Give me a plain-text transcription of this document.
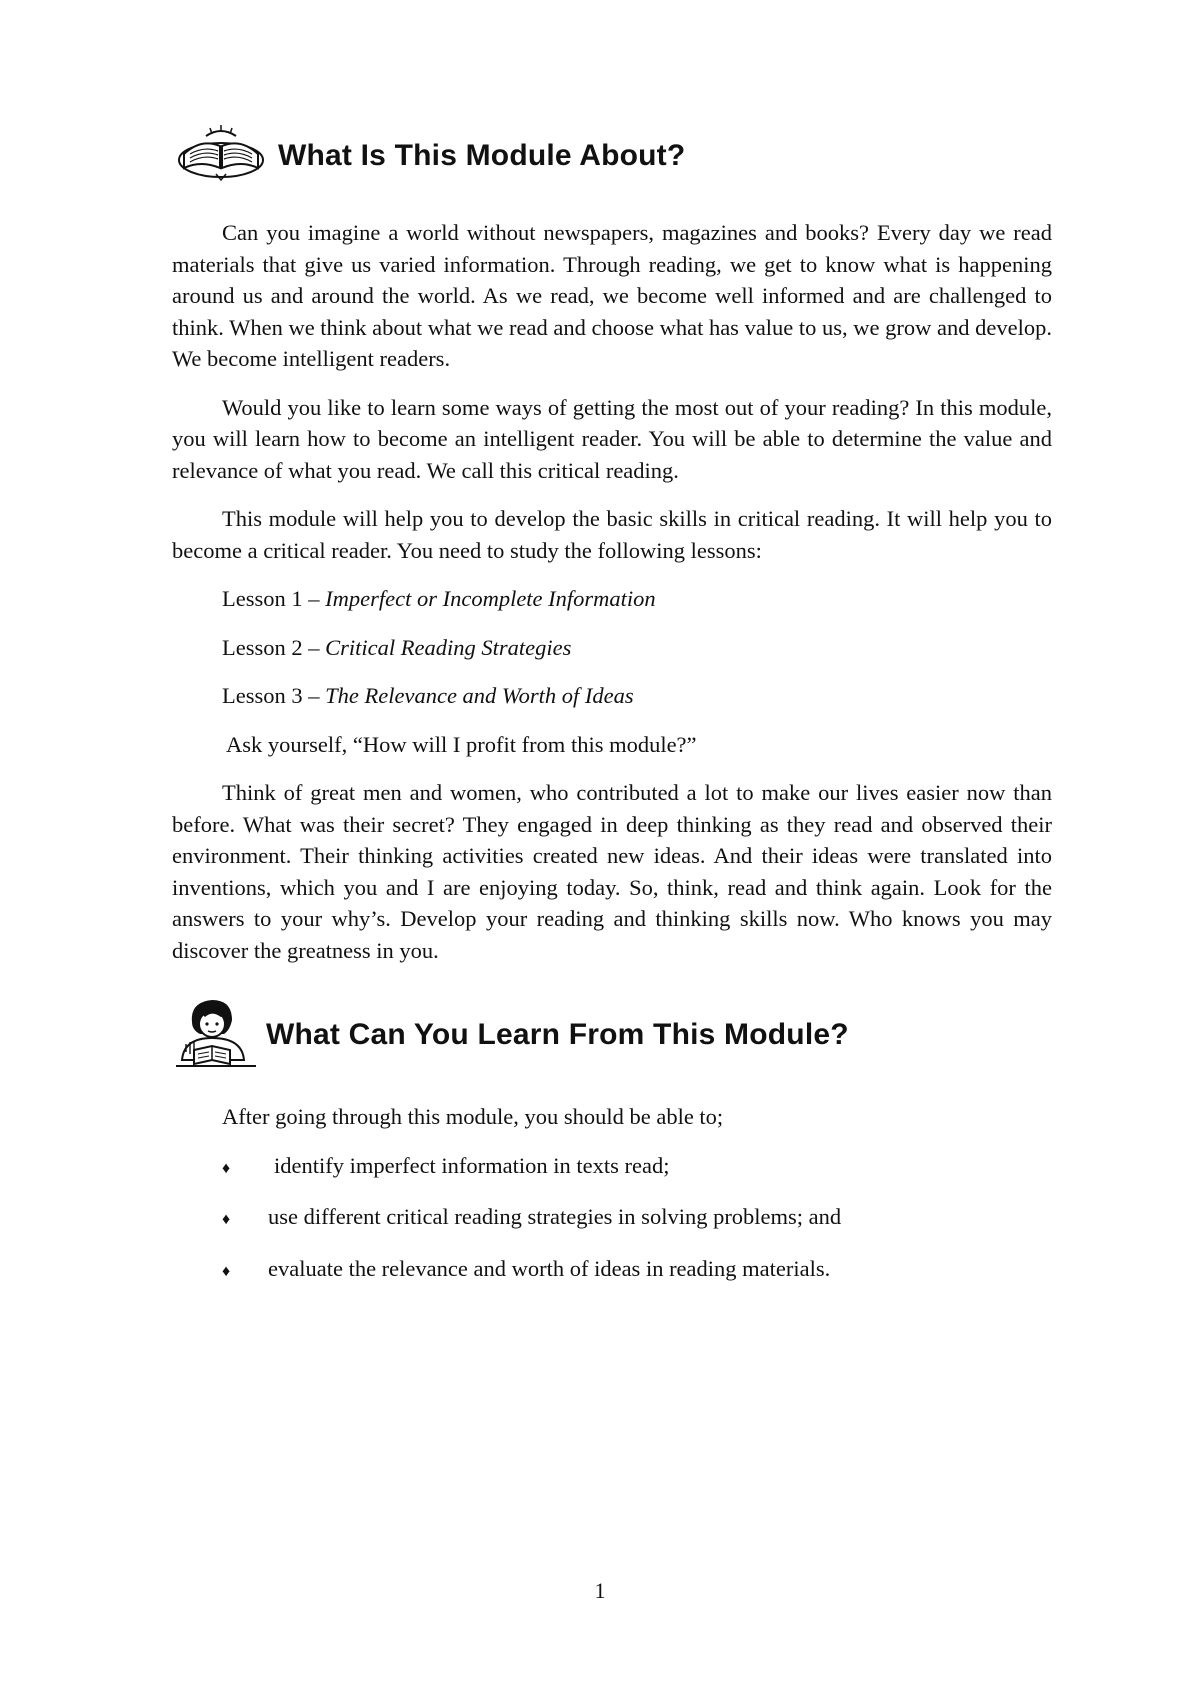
What Is This Module About?

Can you imagine a world without newspapers, magazines and books? Every day we read materials that give us varied information. Through reading, we get to know what is happening around us and around the world. As we read, we become well informed and are challenged to think. When we think about what we read and choose what has value to us, we grow and develop. We become intelligent readers.

Would you like to learn some ways of getting the most out of your reading? In this module, you will learn how to become an intelligent reader. You will be able to determine the value and relevance of what you read. We call this critical reading.

This module will help you to develop the basic skills in critical reading. It will help you to become a critical reader. You need to study the following lessons:

Lesson 1 – Imperfect or Incomplete Information
Lesson 2 – Critical Reading Strategies
Lesson 3 – The Relevance and Worth of Ideas

Ask yourself, “How will I profit from this module?”

Think of great men and women, who contributed a lot to make our lives easier now than before. What was their secret? They engaged in deep thinking as they read and observed their environment. Their thinking activities created new ideas. And their ideas were translated into inventions, which you and I are enjoying today. So, think, read and think again. Look for the answers to your why’s. Develop your reading and thinking skills now. Who knows you may discover the greatness in you.

What Can You Learn From This Module?

After going through this module, you should be able to;

♦	identify imperfect information in texts read;
♦	use different critical reading strategies in solving problems; and
♦	evaluate the relevance and worth of ideas in reading materials.
1
